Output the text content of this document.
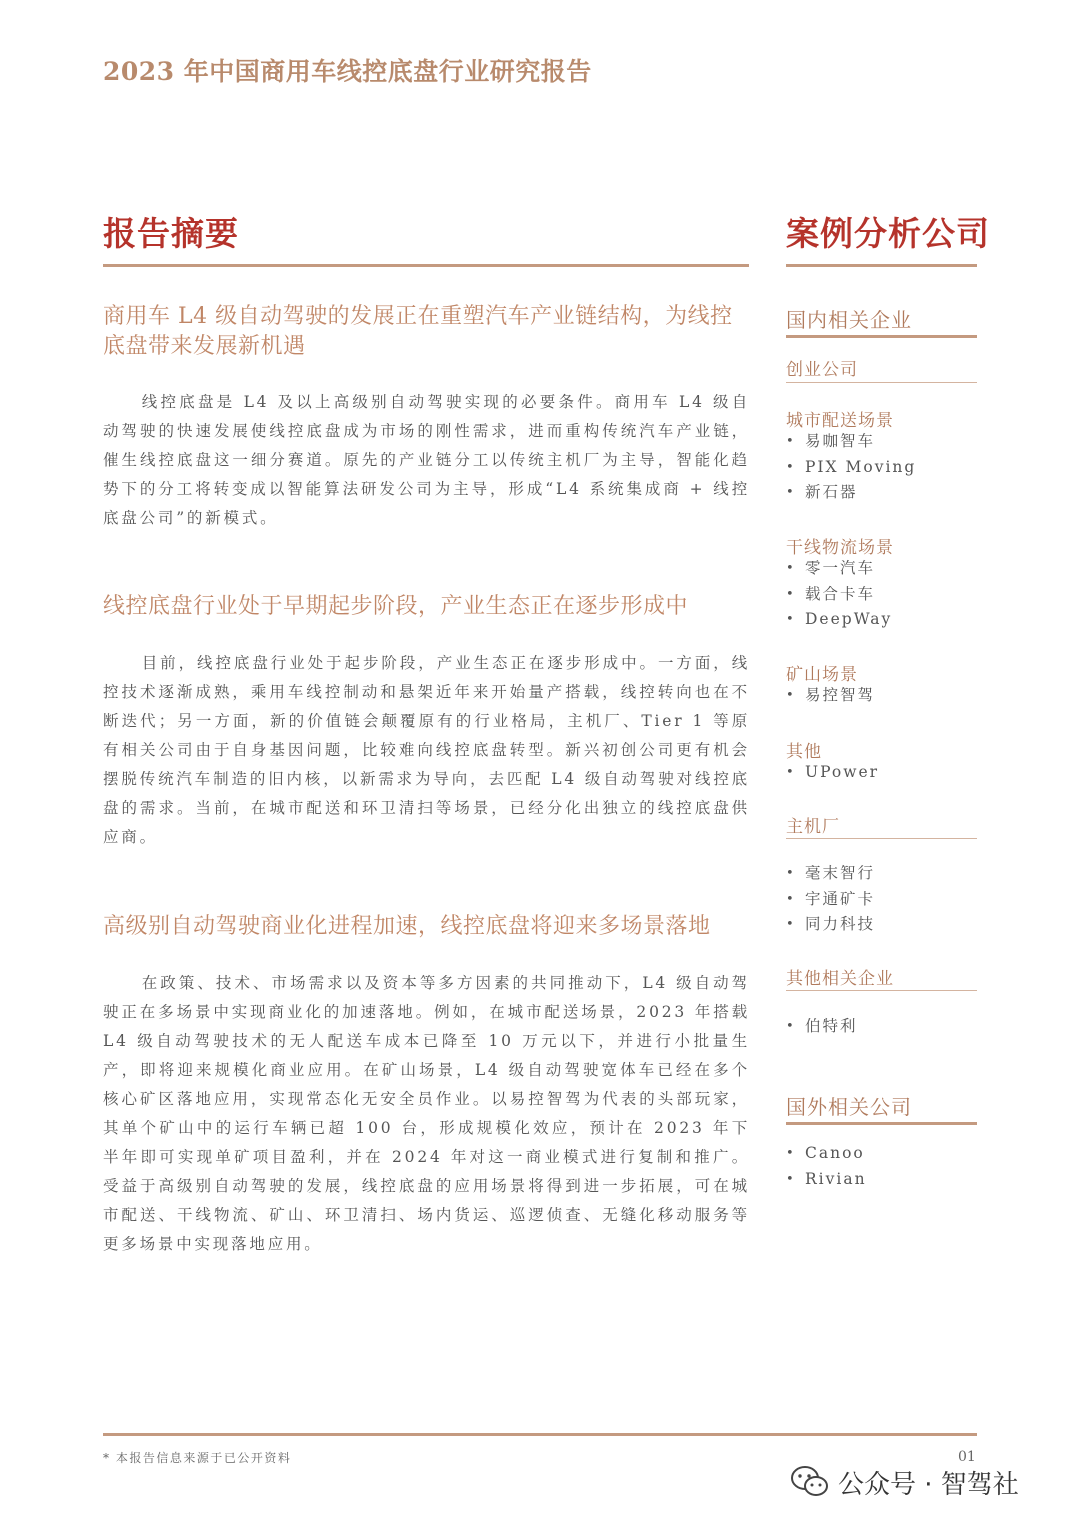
2023 年中国商用车线控底盘行业研究报告
报告摘要
商用车 L4 级自动驾驶的发展正在重塑汽车产业链结构，为线控底盘带来发展新机遇

线控底盘是 L4 及以上高级别自动驾驶实现的必要条件。商用车 L4 级自动驾驶的快速发展使线控底盘成为市场的刚性需求，进而重构传统汽车产业链，催生线控底盘这一细分赛道。原先的产业链分工以传统主机厂为主导，智能化趋势下的分工将转变成以智能算法研发公司为主导，形成“L4 系统集成商 + 线控底盘公司”的新模式。

线控底盘行业处于早期起步阶段，产业生态正在逐步形成中

目前，线控底盘行业处于起步阶段，产业生态正在逐步形成中。一方面，线控技术逐渐成熟，乘用车线控制动和悬架近年来开始量产搭载，线控转向也在不断迭代；另一方面，新的价值链会颠覆原有的行业格局，主机厂、Tier 1 等原有相关公司由于自身基因问题，比较难向线控底盘转型。新兴初创公司更有机会摆脱传统汽车制造的旧内核，以新需求为导向，去匹配 L4 级自动驾驶对线控底盘的需求。当前，在城市配送和环卫清扫等场景，已经分化出独立的线控底盘供应商。

高级别自动驾驶商业化进程加速，线控底盘将迎来多场景落地

在政策、技术、市场需求以及资本等多方因素的共同推动下，L4 级自动驾驶正在多场景中实现商业化的加速落地。例如，在城市配送场景，2023 年搭载 L4 级自动驾驶技术的无人配送车成本已降至 10 万元以下，并进行小批量生产，即将迎来规模化商业应用。在矿山场景，L4 级自动驾驶宽体车已经在多个核心矿区落地应用，实现常态化无安全员作业。以易控智驾为代表的头部玩家，其单个矿山中的运行车辆已超 100 台，形成规模化效应，预计在 2023 年下半年即可实现单矿项目盈利，并在 2024 年对这一商业模式进行复制和推广。受益于高级别自动驾驶的发展，线控底盘的应用场景将得到进一步拓展，可在城市配送、干线物流、矿山、环卫清扫、场内货运、巡逻侦查、无缝化移动服务等更多场景中实现落地应用。

案例分析公司
国内相关企业
创业公司
城市配送场景
• 易咖智车
• PIX Moving
• 新石器
干线物流场景
• 零一汽车
• 载合卡车
• DeepWay
矿山场景
• 易控智驾
其他
• UPower
主机厂
• 毫末智行
• 宇通矿卡
• 同力科技
其他相关企业
• 伯特利
国外相关公司
• Canoo
• Rivian
* 本报告信息来源于已公开资料	01
公众号 · 智驾社
